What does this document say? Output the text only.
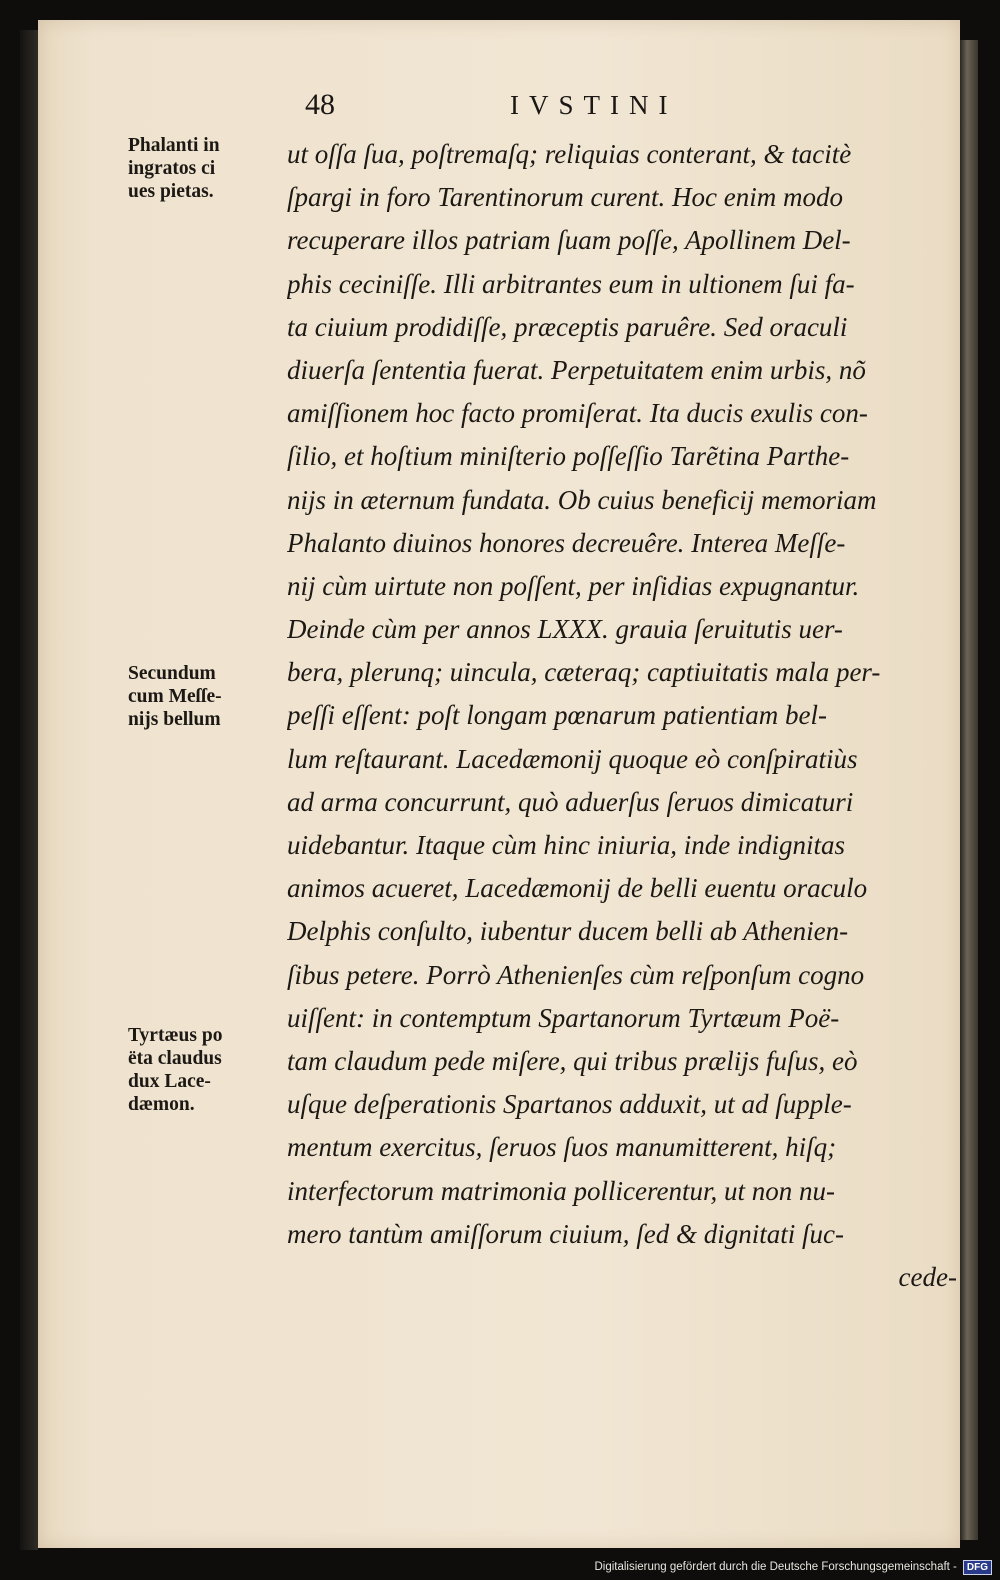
48	IVSTINI
Phalanti in
ingratos ci
ues pietas.
Secundum
cum Meſſe-
nijs bellum
Tyrtæus po
ëta claudus
dux Lace-
dæmon.
ut oſſa ſua, poſtremaſq; reliquias conterant, & tacitè
ſpargi in foro Tarentinorum curent. Hoc enim modo
recuperare illos patriam ſuam poſſe, Apollinem Del-
phis ceciniſſe. Illi arbitrantes eum in ultionem ſui fa-
ta ciuium prodidiſſe, præceptis paruêre. Sed oraculi
diuerſa ſententia fuerat. Perpetuitatem enim urbis, nõ
amiſſionem hoc facto promiſerat. Ita ducis exulis con-
ſilio, et hoſtium miniſterio poſſeſſio Tarẽtina Parthe-
nijs in æternum fundata. Ob cuius beneficij memoriam
Phalanto diuinos honores decreuêre. Interea Meſſe-
nij cùm uirtute non poſſent, per inſidias expugnantur.
Deinde cùm per annos LXXX. grauia ſeruitutis uer-
bera, plerunq; uincula, cæteraq; captiuitatis mala per-
peſſi eſſent: poſt longam pœnarum patientiam bel-
lum reſtaurant. Lacedæmonij quoque eò conſpiratiùs
ad arma concurrunt, quò aduerſus ſeruos dimicaturi
uidebantur. Itaque cùm hinc iniuria, inde indignitas
animos acueret, Lacedæmonij de belli euentu oraculo
Delphis conſulto, iubentur ducem belli ab Athenien-
ſibus petere. Porrò Athenienſes cùm reſponſum cogno
uiſſent: in contemptum Spartanorum Tyrtæum Poë-
tam claudum pede miſere, qui tribus prælijs fuſus, eò
uſque deſperationis Spartanos adduxit, ut ad ſupple-
mentum exercitus, ſeruos ſuos manumitterent, hiſq;
interfectorum matrimonia pollicerentur, ut non nu-
mero tantùm amiſſorum ciuium, ſed & dignitati ſuc-
cede-
Digitalisierung gefördert durch die Deutsche Forschungsgemeinschaft -	DFG
